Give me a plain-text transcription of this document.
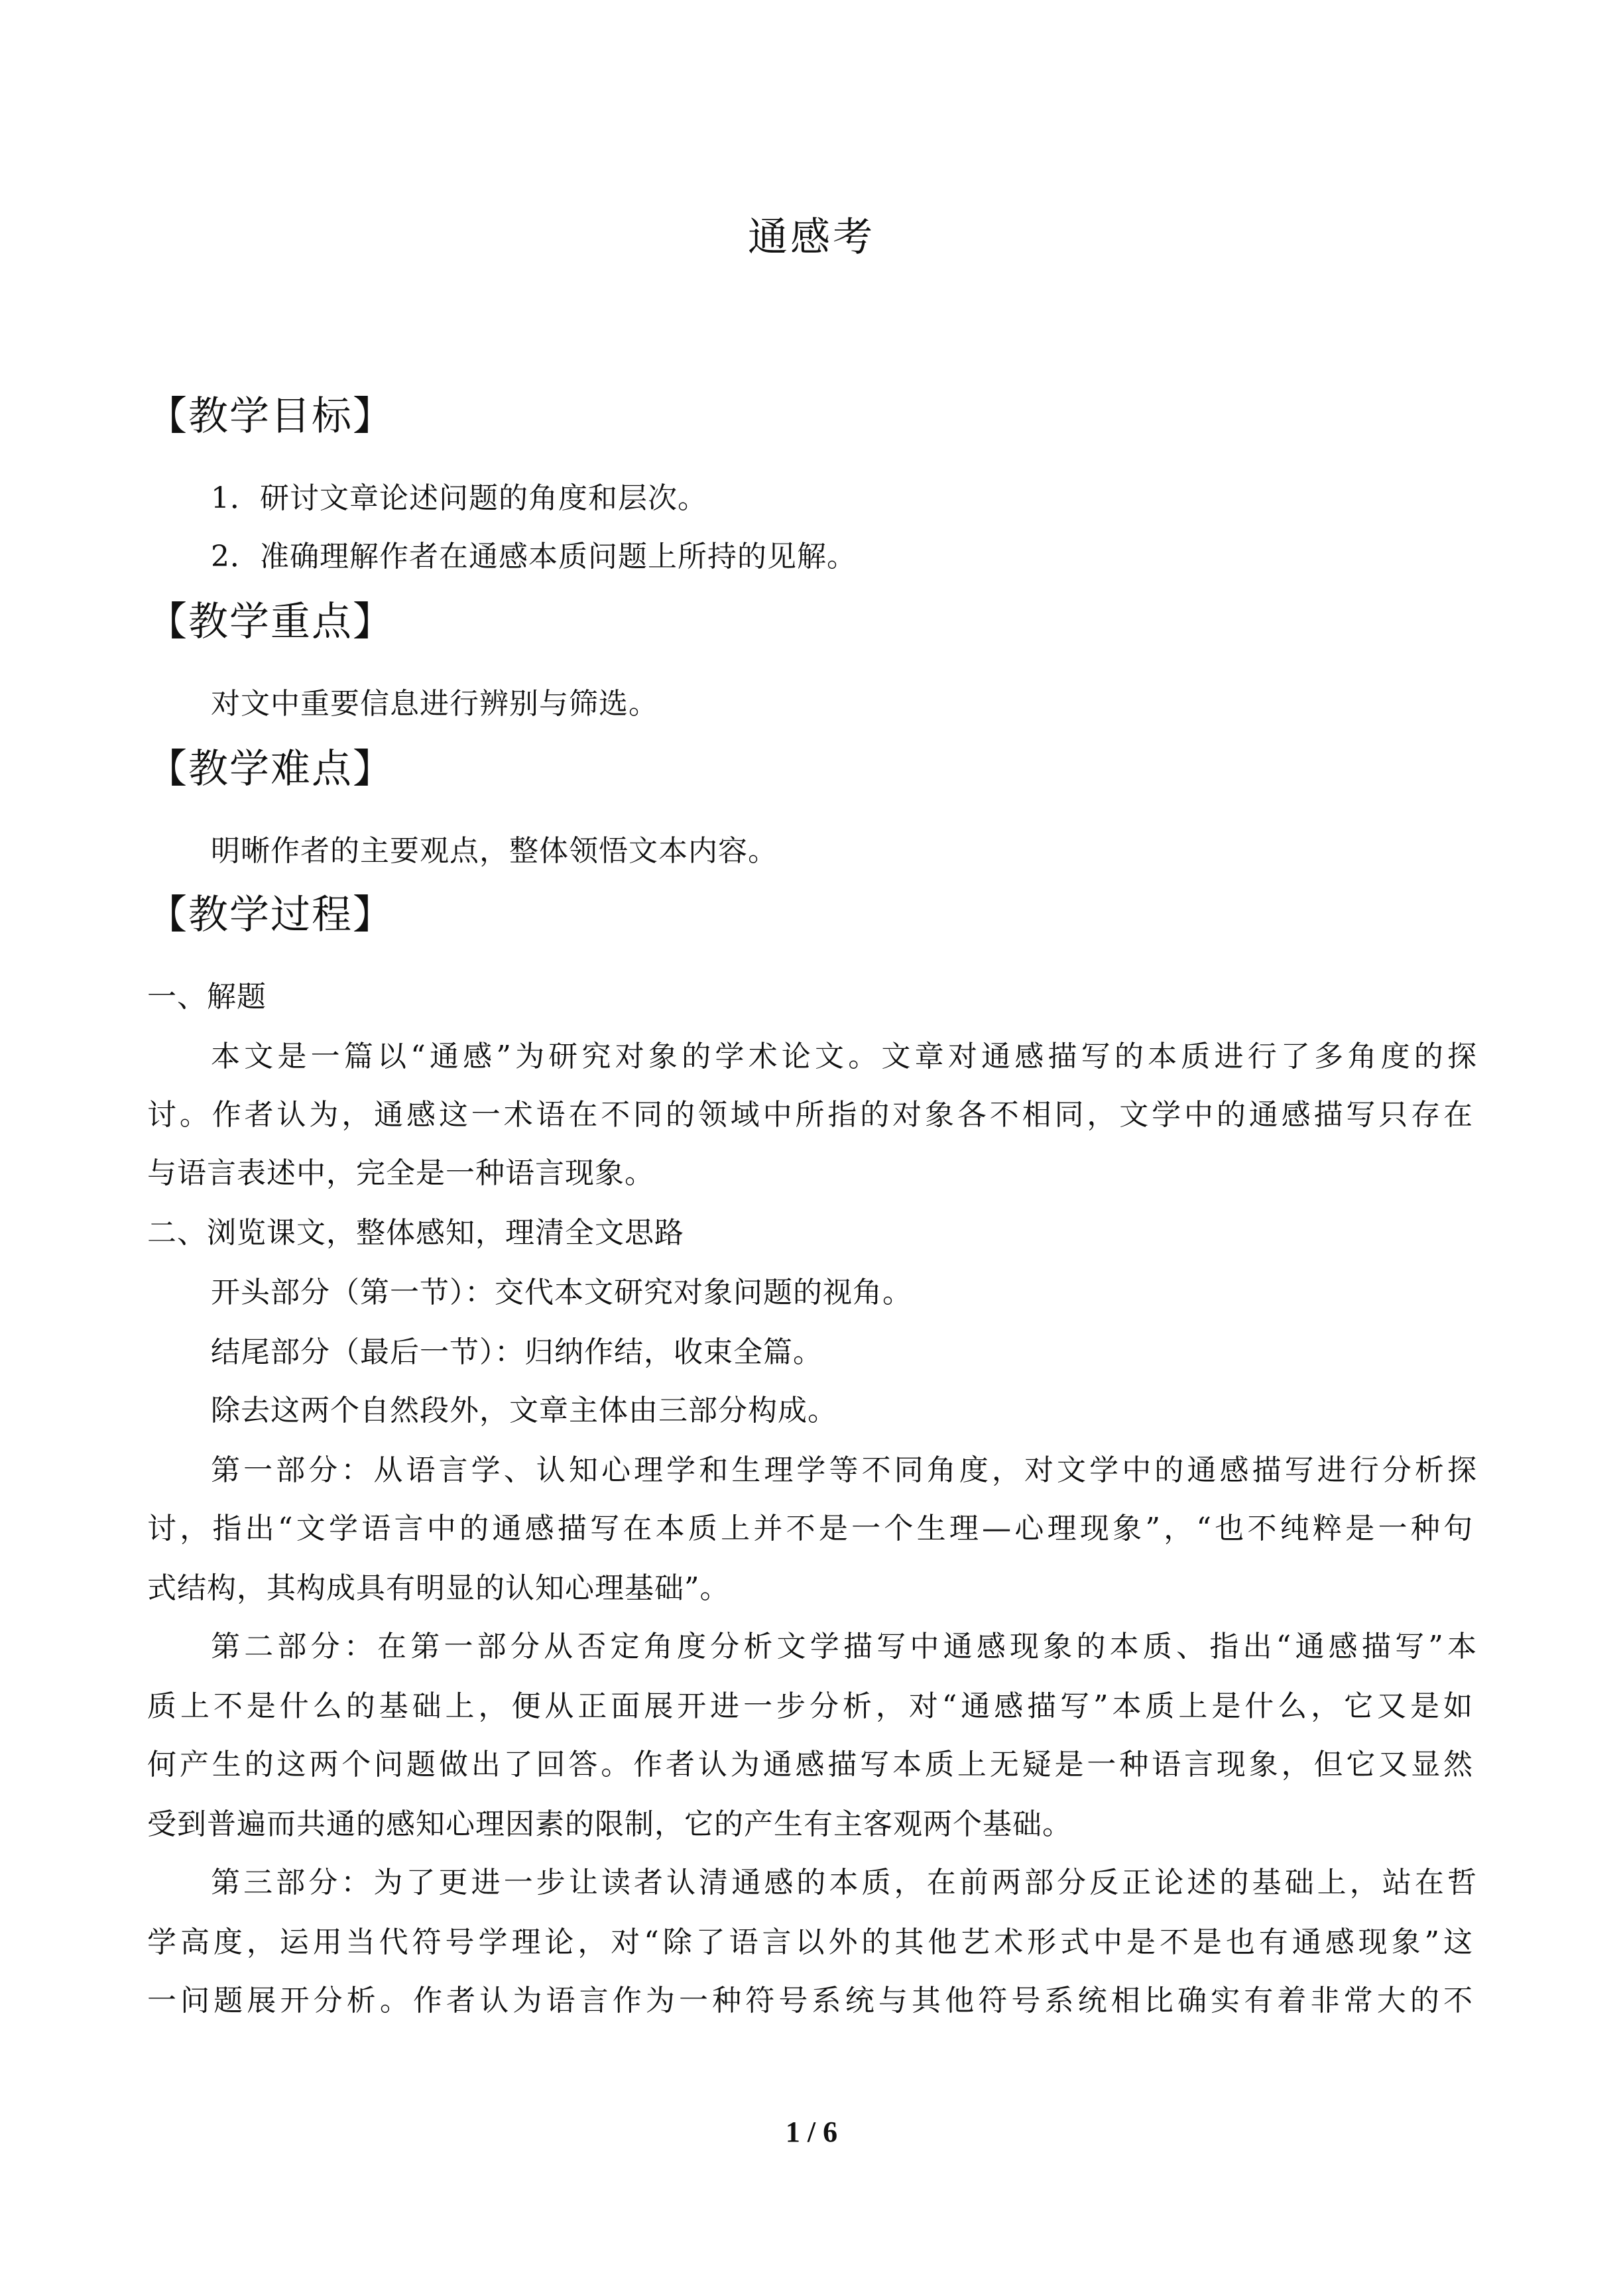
通感考
【教学目标】
1．研讨文章论述问题的角度和层次。
2．准确理解作者在通感本质问题上所持的见解。
【教学重点】
对文中重要信息进行辨别与筛选。
【教学难点】
明晰作者的主要观点，整体领悟文本内容。
【教学过程】
一、解题
本文是一篇以“通感”为研究对象的学术论文。文章对通感描写的本质进行了多角度的探
讨。作者认为，通感这一术语在不同的领域中所指的对象各不相同，文学中的通感描写只存在
与语言表述中，完全是一种语言现象。
二、浏览课文，整体感知，理清全文思路
开头部分（第一节）：交代本文研究对象问题的视角。
结尾部分（最后一节）：归纳作结，收束全篇。
除去这两个自然段外，文章主体由三部分构成。
第一部分：从语言学、认知心理学和生理学等不同角度，对文学中的通感描写进行分析探
讨，指出“文学语言中的通感描写在本质上并不是一个生理—心理现象”，“也不纯粹是一种句
式结构，其构成具有明显的认知心理基础”。
第二部分：在第一部分从否定角度分析文学描写中通感现象的本质、指出“通感描写”本
质上不是什么的基础上，便从正面展开进一步分析，对“通感描写”本质上是什么，它又是如
何产生的这两个问题做出了回答。作者认为通感描写本质上无疑是一种语言现象，但它又显然
受到普遍而共通的感知心理因素的限制，它的产生有主客观两个基础。
第三部分：为了更进一步让读者认清通感的本质，在前两部分反正论述的基础上，站在哲
学高度，运用当代符号学理论，对“除了语言以外的其他艺术形式中是不是也有通感现象”这
一问题展开分析。作者认为语言作为一种符号系统与其他符号系统相比确实有着非常大的不
1 / 6
